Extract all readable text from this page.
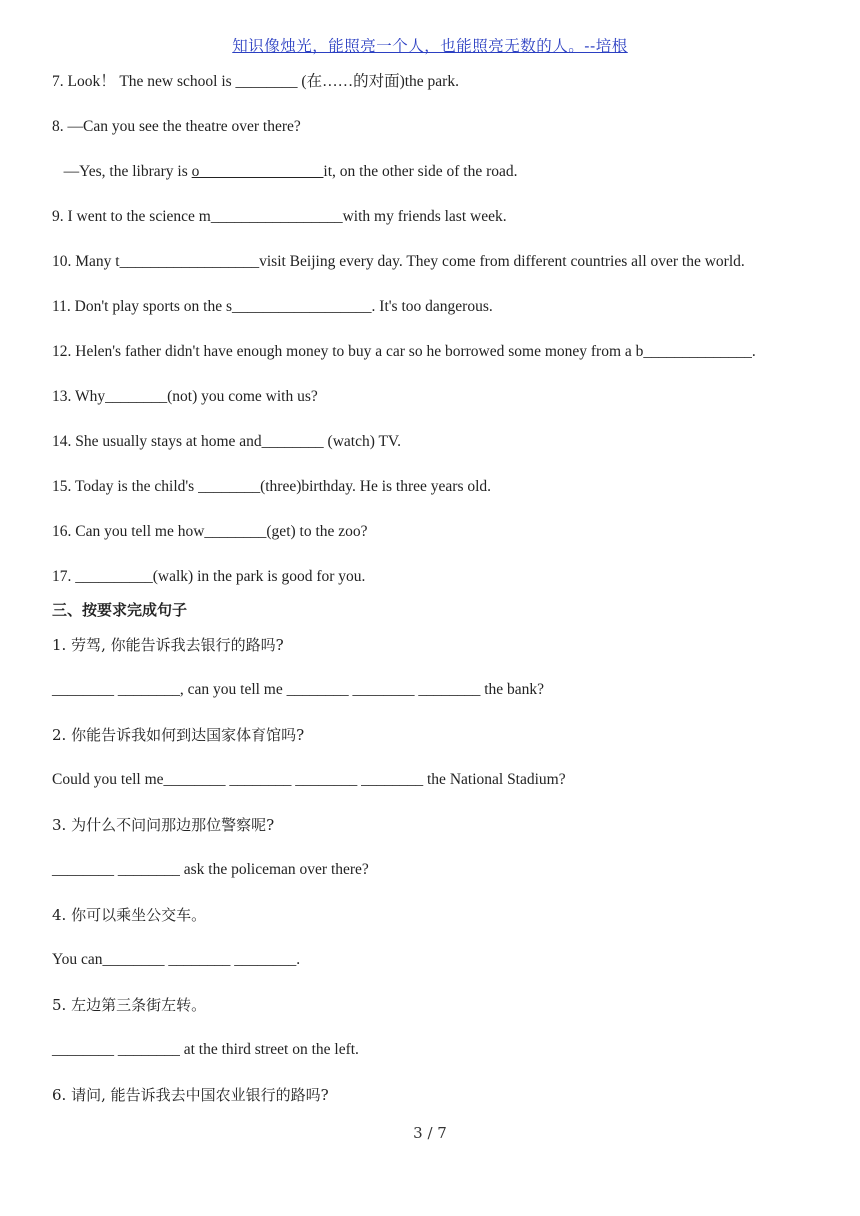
知识像烛光，能照亮一个人，也能照亮无数的人。--培根
7. Look！ The new school is ________ (在……的对面)the park.
8. —Can you see the theatre over there?
—Yes, the library is o________________it, on the other side of the road.
9. I went to the science m_________________with my friends last week.
10. Many t__________________visit Beijing every day. They come from different countries all over the world.
11. Don't play sports on the s__________________. It's too dangerous.
12. Helen's father didn't have enough money to buy a car so he borrowed some money from a b______________.
13. Why________(not) you come with us?
14. She usually stays at home and________ (watch) TV.
15. Today is the child's ________(three)birthday. He is three years old.
16. Can you tell me how________(get) to the zoo?
17. __________(walk) in the park is good for you.
三、按要求完成句子
1. 劳驾, 你能告诉我去银行的路吗?
________ ________, can you tell me ________ ________ ________ the bank?
2. 你能告诉我如何到达国家体育馆吗?
Could you tell me________ ________ ________ ________ the National Stadium?
3. 为什么不问问那边那位警察呢?
________ ________ ask the policeman over there?
4. 你可以乘坐公交车。
You can________ ________ ________.
5. 左边第三条街左转。
________ ________ at the third street on the left.
6. 请问, 能告诉我去中国农业银行的路吗?
3 / 7
